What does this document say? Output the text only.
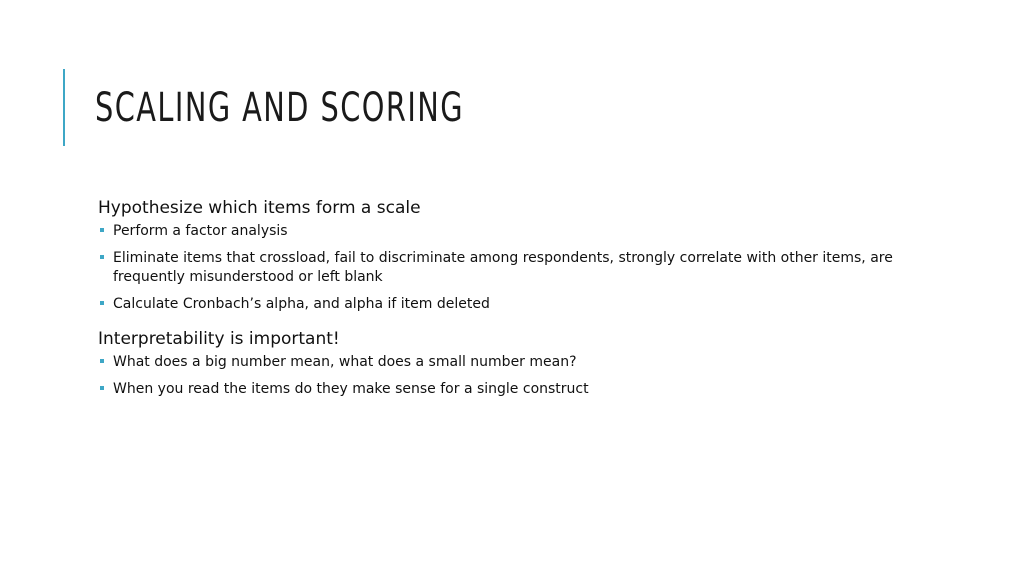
SCALING AND SCORING
Hypothesize which items form a scale
Perform a factor analysis
Eliminate items that crossload, fail to discriminate among respondents, strongly correlate with other items, are frequently misunderstood or left blank
Calculate Cronbach’s alpha, and alpha if item deleted
Interpretability is important!
What does a big number mean, what does a small number mean?
When you read the items do they make sense for a single construct
